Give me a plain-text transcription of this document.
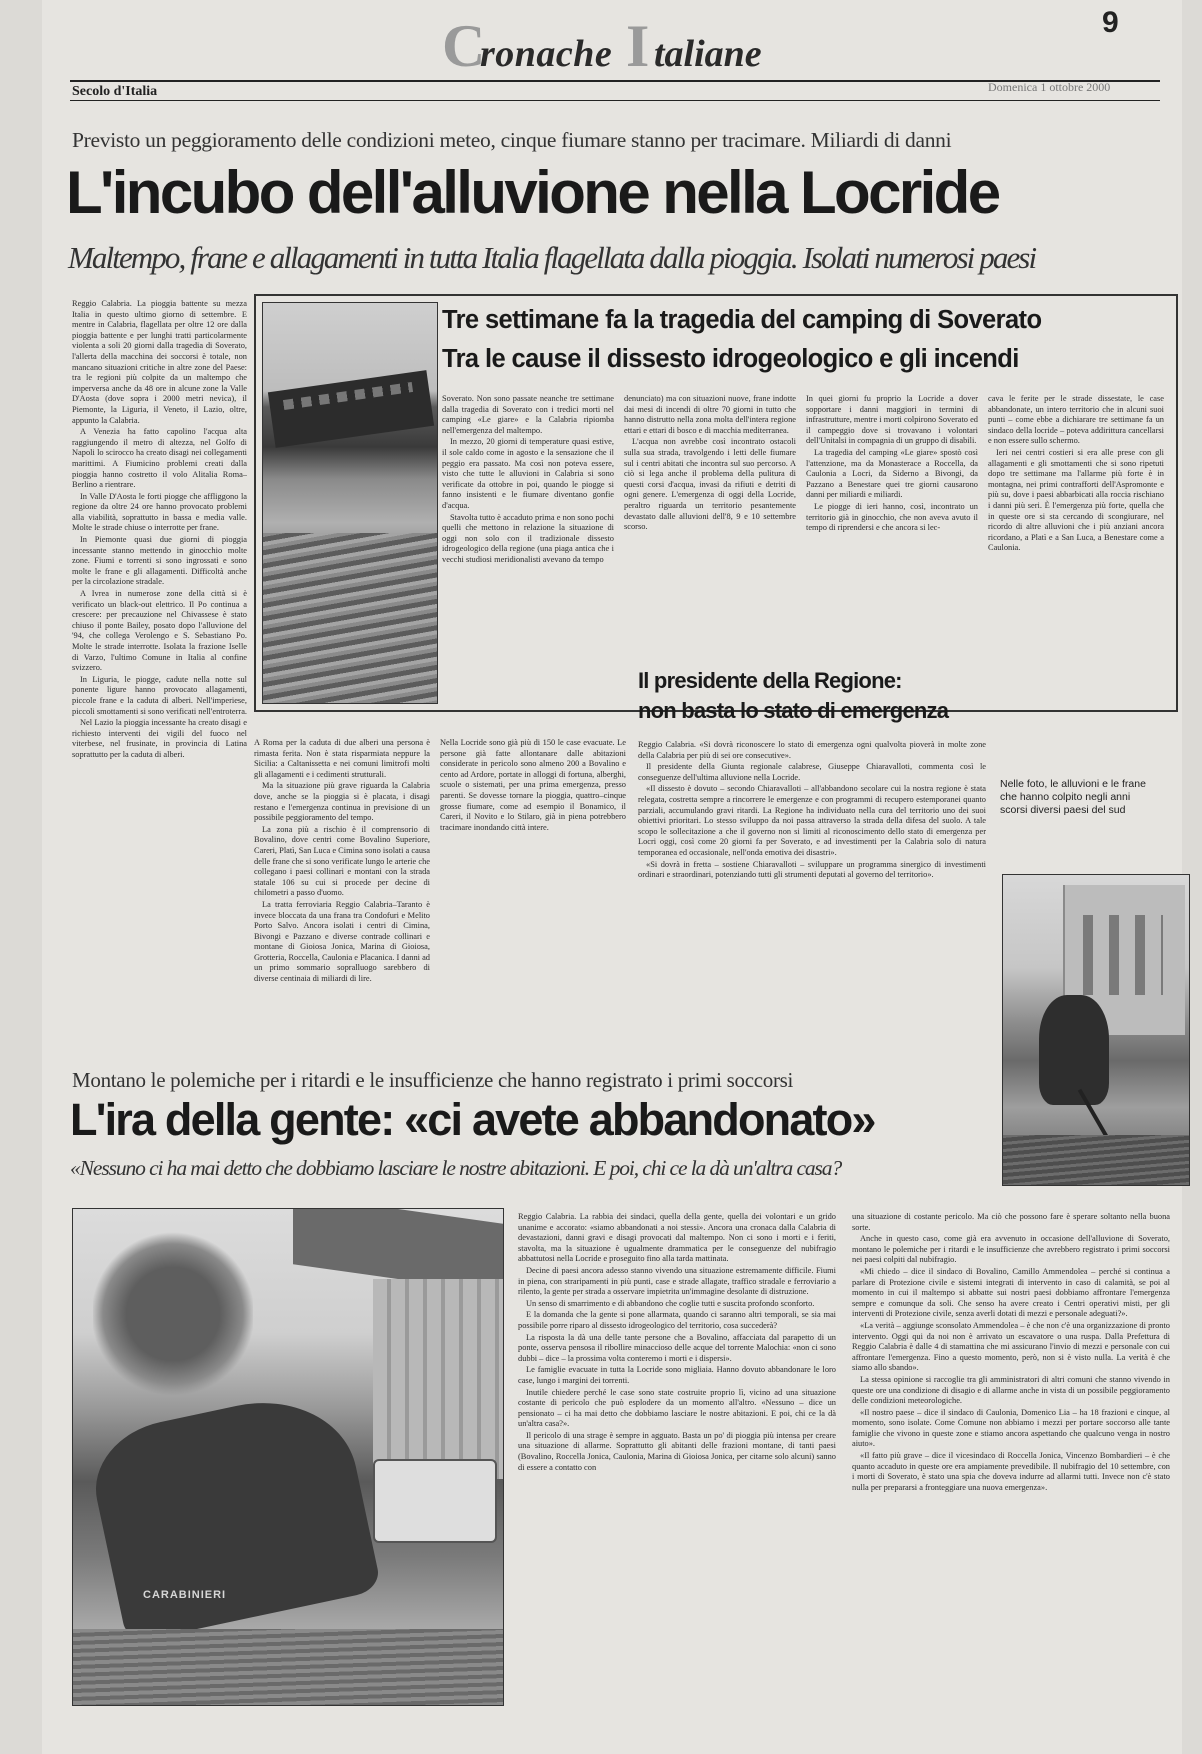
C
ronache I taliane
9
Secolo d'Italia	Domenica 1 ottobre 2000
Previsto un peggioramento delle condizioni meteo, cinque fiumare stanno per tracimare. Miliardi di danni
L'incubo dell'alluvione nella Locride
Maltempo, frane e allagamenti in tutta Italia flagellata dalla pioggia. Isolati numerosi paesi

Reggio Calabria. La pioggia battente su mezza Italia in questo ultimo giorno di settembre. E mentre in Calabria, flagellata per oltre 12 ore dalla pioggia battente e per lunghi tratti particolarmente violenta a soli 20 giorni dalla tragedia di Soverato, l'allerta della macchina dei soccorsi è totale, non mancano situazioni critiche in altre zone del Paese: tra le regioni più colpite da un maltempo che imperversa anche da 48 ore in alcune zone la Valle D'Aosta (dove sopra i 2000 metri nevica), il Piemonte, la Liguria, il Veneto, il Lazio, oltre, appunto la Calabria.

A Venezia ha fatto capolino l'acqua alta raggiungendo il metro di altezza, nel Golfo di Napoli lo scirocco ha creato disagi nei collegamenti marittimi. A Fiumicino problemi creati dalla pioggia hanno costretto il volo Alitalia Roma–Berlino a rientrare.

In Valle D'Aosta le forti piogge che affliggono la regione da oltre 24 ore hanno provocato problemi alla viabilità, soprattutto in bassa e media valle. Molte le strade chiuse o interrotte per frane.

In Piemonte quasi due giorni di pioggia incessante stanno mettendo in ginocchio molte zone. Fiumi e torrenti si sono ingrossati e sono molte le frane e gli allagamenti. Difficoltà anche per la circolazione stradale.

A Ivrea in numerose zone della città si è verificato un black-out elettrico. Il Po continua a crescere: per precauzione nel Chivassese è stato chiuso il ponte Bailey, posato dopo l'alluvione del '94, che collega Verolengo e S. Sebastiano Po. Molte le strade interrotte. Isolata la frazione Iselle di Varzo, l'ultimo Comune in Italia al confine svizzero.

In Liguria, le piogge, cadute nella notte sul ponente ligure hanno provocato allagamenti, piccole frane e la caduta di alberi. Nell'imperiese, piccoli smottamenti si sono verificati nell'entroterra.

Nel Lazio la pioggia incessante ha creato disagi e richiesto interventi dei vigili del fuoco nel viterbese, nel frusinate, in provincia di Latina soprattutto per la caduta di alberi.

Tre settimane fa la tragedia del camping di Soverato
Tra le cause il dissesto idrogeologico e gli incendi

Soverato. Non sono passate neanche tre settimane dalla tragedia di Soverato con i tredici morti nel camping «Le giare» e la Calabria ripiomba nell'emergenza del maltempo.

In mezzo, 20 giorni di temperature quasi estive, il sole caldo come in agosto e la sensazione che il peggio era passato. Ma così non poteva essere, visto che tutte le alluvioni in Calabria si sono verificate da ottobre in poi, quando le piogge si fanno insistenti e le fiumare diventano gonfie d'acqua.

Stavolta tutto è accaduto prima e non sono pochi quelli che mettono in relazione la situazione di oggi non solo con il tradizionale dissesto idrogeologico della regione (una piaga antica che i vecchi studiosi meridionalisti avevano da tempo

denunciato) ma con situazioni nuove, frane indotte dai mesi di incendi di oltre 70 giorni in tutto che hanno distrutto nella zona molta dell'intera regione ettari e ettari di bosco e di macchia mediterranea.

L'acqua non avrebbe così incontrato ostacoli sulla sua strada, travolgendo i letti delle fiumare sul i centri abitati che incontra sul suo percorso. A ciò si lega anche il problema della pulitura di questi corsi d'acqua, invasi da rifiuti e detriti di ogni genere. L'emergenza di oggi della Locride, peraltro riguarda un territorio pesantemente devastato dalle alluvioni dell'8, 9 e 10 settembre scorso.

In quei giorni fu proprio la Locride a dover sopportare i danni maggiori in termini di infrastrutture, mentre i morti colpirono Soverato ed il campeggio dove si trovavano i volontari dell'Unitalsi in compagnia di un gruppo di disabili.

La tragedia del camping «Le giare» spostò così l'attenzione, ma da Monasterace a Roccella, da Caulonia a Locri, da Siderno a Bivongi, da Pazzano a Benestare quei tre giorni causarono danni per miliardi e miliardi.

Le piogge di ieri hanno, così, incontrato un territorio già in ginocchio, che non aveva avuto il tempo di riprendersi e che ancora si lec-

cava le ferite per le strade dissestate, le case abbandonate, un intero territorio che in alcuni suoi punti – come ebbe a dichiarare tre settimane fa un sindaco della locride – poteva addirittura cancellarsi e non essere sullo schermo.

Ieri nei centri costieri si era alle prese con gli allagamenti e gli smottamenti che si sono ripetuti dopo tre settimane ma l'allarme più forte è in montagna, nei primi contrafforti dell'Aspromonte e più su, dove i paesi abbarbicati alla roccia rischiano i danni più seri. È l'emergenza più forte, quella che in queste ore si sta cercando di scongiurare, nel ricordo di altre alluvioni che i più anziani ancora ricordano, a Platì e a San Luca, a Benestare come a Caulonia.

Il presidente della Regione:
non basta lo stato di emergenza

Reggio Calabria. «Si dovrà riconoscere lo stato di emergenza ogni qualvolta pioverà in molte zone della Calabria per più di sei ore consecutive».

Il presidente della Giunta regionale calabrese, Giuseppe Chiaravalloti, commenta così le conseguenze dell'ultima alluvione nella Locride.

«Il dissesto è dovuto – secondo Chiaravalloti – all'abbandono secolare cui la nostra regione è stata relegata, costretta sempre a rincorrere le emergenze e con programmi di recupero estemporanei quanto parziali, accumulando gravi ritardi. La Regione ha individuato nella cura del territorio uno dei suoi obiettivi prioritari. Lo stesso sviluppo da noi passa attraverso la strada della difesa del suolo. A tale scopo le sollecitazione a che il governo non si limiti al riconoscimento dello stato di emergenza per Locri oggi, così come 20 giorni fa per Soverato, e ad investimenti per la Calabria solo di natura temporanea ed occasionale, nell'onda emotiva dei disastri».

«Si dovrà in fretta – sostiene Chiaravalloti – sviluppare un programma sinergico di investimenti ordinari e straordinari, potenziando tutti gli strumenti deputati al governo del territorio».

A Roma per la caduta di due alberi una persona è rimasta ferita. Non è stata risparmiata neppure la Sicilia: a Caltanissetta e nei comuni limitrofi molti gli allagamenti e i cedimenti strutturali.

Ma la situazione più grave riguarda la Calabria dove, anche se la pioggia si è placata, i disagi restano e l'emergenza continua in previsione di un possibile peggioramento del tempo.

La zona più a rischio è il comprensorio di Bovalino, dove centri come Bovalino Superiore, Careri, Platì, San Luca e Cimina sono isolati a causa delle frane che si sono verificate lungo le arterie che collegano i paesi collinari e montani con la strada statale 106 su cui si procede per decine di chilometri a passo d'uomo.

La tratta ferroviaria Reggio Calabria–Taranto è invece bloccata da una frana tra Condofuri e Melito Porto Salvo. Ancora isolati i centri di Cimina, Bivongi e Pazzano e diverse contrade collinari e montane di Gioiosa Jonica, Marina di Gioiosa, Grotteria, Roccella, Caulonia e Placanica. I danni ad un primo sommario sopralluogo sarebbero di diverse centinaia di miliardi di lire.

Nella Locride sono già più di 150 le case evacuate. Le persone già fatte allontanare dalle abitazioni considerate in pericolo sono almeno 200 a Bovalino e cento ad Ardore, portate in alloggi di fortuna, alberghi, scuole o sistemati, per una prima emergenza, presso parenti. Se dovesse tornare la pioggia, quattro–cinque grosse fiumare, come ad esempio il Bonamico, il Careri, il Novito e lo Stilaro, già in piena potrebbero tracimare inondando città intere.

Nelle foto, le alluvioni e le frane che hanno colpito negli anni scorsi diversi paesi del sud
Montano le polemiche per i ritardi e le insufficienze che hanno registrato i primi soccorsi
L'ira della gente: «ci avete abbandonato»
«Nessuno ci ha mai detto che dobbiamo lasciare le nostre abitazioni. E poi, chi ce la dà un'altra casa?
CARABINIERI

Reggio Calabria. La rabbia dei sindaci, quella della gente, quella dei volontari e un grido unanime e accorato: «siamo abbandonati a noi stessi». Ancora una cronaca dalla Calabria di devastazioni, danni gravi e disagi provocati dal maltempo. Non ci sono i morti e i feriti, stavolta, ma la situazione è ugualmente drammatica per le conseguenze del nubifragio abbattutosi nella Locride e proseguito fino alla tarda mattinata.

Decine di paesi ancora adesso stanno vivendo una situazione estremamente difficile. Fiumi in piena, con straripamenti in più punti, case e strade allagate, traffico stradale e ferroviario a rilento, la gente per strada a osservare impietrita un'immagine desolante di distruzione.

Un senso di smarrimento e di abbandono che coglie tutti e suscita profondo sconforto.

E la domanda che la gente si pone allarmata, quando ci saranno altri temporali, se sia mai possibile porre riparo al dissesto idrogeologico del territorio, cosa succederà?

La risposta la dà una delle tante persone che a Bovalino, affacciata dal parapetto di un ponte, osserva pensosa il ribollire minaccioso delle acque del torrente Malochia: «non ci sono dubbi – dice – la prossima volta conteremo i morti e i dispersi».

Le famiglie evacuate in tutta la Locride sono migliaia. Hanno dovuto abbandonare le loro case, lungo i margini dei torrenti.

Inutile chiedere perché le case sono state costruite proprio lì, vicino ad una situazione costante di pericolo che può esplodere da un momento all'altro. «Nessuno – dice un pensionato – ci ha mai detto che dobbiamo lasciare le nostre abitazioni. E poi, chi ce la dà un'altra casa?».

Il pericolo di una strage è sempre in agguato. Basta un po' di pioggia più intensa per creare una situazione di allarme. Soprattutto gli abitanti delle frazioni montane, di tanti paesi (Bovalino, Roccella Jonica, Caulonia, Marina di Gioiosa Jonica, per citarne solo alcuni) sanno di essere a contatto con

una situazione di costante pericolo. Ma ciò che possono fare è sperare soltanto nella buona sorte.

Anche in questo caso, come già era avvenuto in occasione dell'alluvione di Soverato, montano le polemiche per i ritardi e le insufficienze che avrebbero registrato i primi soccorsi nei paesi colpiti dal nubifragio.

«Mi chiedo – dice il sindaco di Bovalino, Camillo Ammendolea – perché si continua a parlare di Protezione civile e sistemi integrati di intervento in caso di calamità, se poi al momento in cui il maltempo si abbatte sui nostri paesi dobbiamo affrontare l'emergenza sempre e comunque da soli. Che senso ha avere creato i Centri operativi misti, per gli interventi di Protezione civile, senza averli dotati di mezzi e personale adeguati?».

«La verità – aggiunge sconsolato Ammendolea – è che non c'è una organizzazione di pronto intervento. Oggi qui da noi non è arrivato un escavatore o una ruspa. Dalla Prefettura di Reggio Calabria è dalle 4 di stamattina che mi assicurano l'invio di mezzi e personale con cui affrontare l'emergenza. Fino a questo momento, però, non si è visto nulla. La verità è che siamo allo sbando».

La stessa opinione si raccoglie tra gli amministratori di altri comuni che stanno vivendo in queste ore una condizione di disagio e di allarme anche in vista di un possibile peggioramento delle condizioni meteorologiche.

«Il nostro paese – dice il sindaco di Caulonia, Domenico Lia – ha 18 frazioni e cinque, al momento, sono isolate. Come Comune non abbiamo i mezzi per portare soccorso alle tante famiglie che vivono in queste zone e stiamo ancora aspettando che qualcuno venga in nostro aiuto».

«Il fatto più grave – dice il vicesindaco di Roccella Jonica, Vincenzo Bombardieri – è che quanto accaduto in queste ore era ampiamente prevedibile. Il nubifragio del 10 settembre, con i morti di Soverato, è stato una spia che doveva indurre ad allarmi tutti. Invece non c'è stato nulla per prepararsi a fronteggiare una nuova emergenza».
